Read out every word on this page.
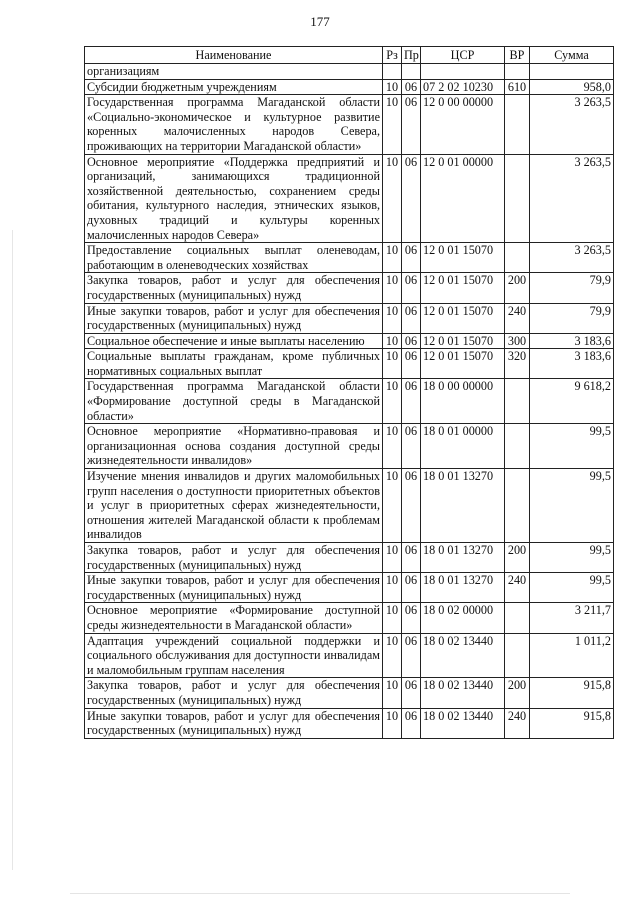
177
Наименование	Рз	Пр	ЦСР	ВР	Сумма
организациям					
Субсидии бюджетным учреждениям	10	06	07 2 02 10230	610	958,0
Государственная программа Магаданской области «Социально-экономическое и культурное развитие коренных малочисленных народов Севера, проживающих на территории Магаданской области»	10	06	12 0 00 00000		3 263,5
Основное мероприятие «Поддержка предприятий и организаций, занимающихся традиционной хозяйственной деятельностью, сохранением среды обитания, культурного наследия, этнических языков, духовных традиций и культуры коренных малочисленных народов Севера»	10	06	12 0 01 00000		3 263,5
Предоставление социальных выплат оленеводам, работающим в оленеводческих хозяйствах	10	06	12 0 01 15070		3 263,5
Закупка товаров, работ и услуг для обеспечения государственных (муниципальных) нужд	10	06	12 0 01 15070	200	79,9
Иные закупки товаров, работ и услуг для обеспечения государственных (муниципальных) нужд	10	06	12 0 01 15070	240	79,9
Социальное обеспечение и иные выплаты населению	10	06	12 0 01 15070	300	3 183,6
Социальные выплаты гражданам, кроме публичных нормативных социальных выплат	10	06	12 0 01 15070	320	3 183,6
Государственная программа Магаданской области «Формирование доступной среды в Магаданской области»	10	06	18 0 00 00000		9 618,2
Основное мероприятие «Нормативно-правовая и организационная основа создания доступной среды жизнедеятельности инвалидов»	10	06	18 0 01 00000		99,5
Изучение мнения инвалидов и других маломобильных групп населения о доступности приоритетных объектов и услуг в приоритетных сферах жизнедеятельности, отношения жителей Магаданской области к проблемам инвалидов	10	06	18 0 01 13270		99,5
Закупка товаров, работ и услуг для обеспечения государственных (муниципальных) нужд	10	06	18 0 01 13270	200	99,5
Иные закупки товаров, работ и услуг для обеспечения государственных (муниципальных) нужд	10	06	18 0 01 13270	240	99,5
Основное мероприятие «Формирование доступной среды жизнедеятельности в Магаданской области»	10	06	18 0 02 00000		3 211,7
Адаптация учреждений социальной поддержки и социального обслуживания для доступности инвалидам и маломобильным группам населения	10	06	18 0 02 13440		1 011,2
Закупка товаров, работ и услуг для обеспечения государственных (муниципальных) нужд	10	06	18 0 02 13440	200	915,8
Иные закупки товаров, работ и услуг для обеспечения государственных (муниципальных) нужд	10	06	18 0 02 13440	240	915,8
